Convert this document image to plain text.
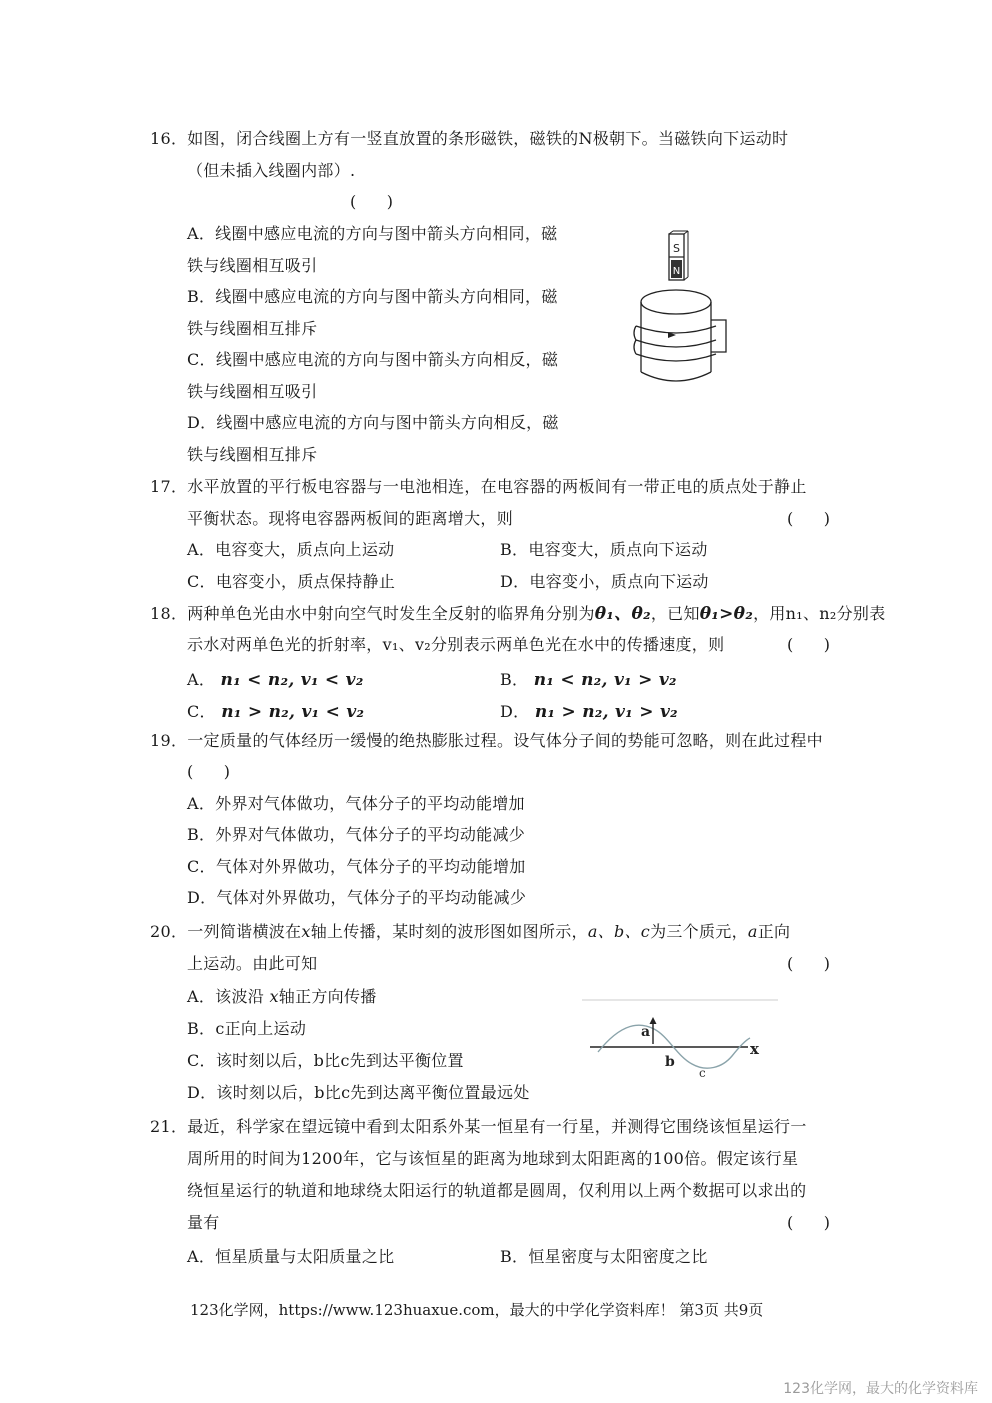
16．如图，闭合线圈上方有一竖直放置的条形磁铁，磁铁的N极朝下。当磁铁向下运动时
（但未插入线圈内部）.
(      )
A．线圈中感应电流的方向与图中箭头方向相同，磁
铁与线圈相互吸引
B．线圈中感应电流的方向与图中箭头方向相同，磁
铁与线圈相互排斥
C．线圈中感应电流的方向与图中箭头方向相反，磁
铁与线圈相互吸引
D．线圈中感应电流的方向与图中箭头方向相反，磁
铁与线圈相互排斥
S
N
17．水平放置的平行板电容器与一电池相连，在电容器的两板间有一带正电的质点处于静止
平衡状态。现将电容器两板间的距离增大，则	(      )
A．电容变大，质点向上运动	B．电容变大，质点向下运动
C．电容变小，质点保持静止	D．电容变小，质点向下运动
18．两种单色光由水中射向空气时发生全反射的临界角分别为θ₁、θ₂，已知θ₁>θ₂，用n₁、n₂分别表
示水对两单色光的折射率，v₁、v₂分别表示两单色光在水中的传播速度，则	(      )
A． n₁ < n₂, v₁ < v₂	B． n₁ < n₂, v₁ > v₂
C． n₁ > n₂, v₁ < v₂	D． n₁ > n₂, v₁ > v₂
19．一定质量的气体经历一缓慢的绝热膨胀过程。设气体分子间的势能可忽略，则在此过程中
(      )
A．外界对气体做功，气体分子的平均动能增加
B．外界对气体做功，气体分子的平均动能减少
C．气体对外界做功，气体分子的平均动能增加
D．气体对外界做功，气体分子的平均动能减少
20．一列简谐横波在x轴上传播，某时刻的波形图如图所示，a、b、c为三个质元，a正向
上运动。由此可知	(      )
A．该波沿 x轴正方向传播
B．c正向上运动
C．该时刻以后，b比c先到达平衡位置
D．该时刻以后，b比c先到达离平衡位置最远处
a
b
c
x
21．最近，科学家在望远镜中看到太阳系外某一恒星有一行星，并测得它围绕该恒星运行一
周所用的时间为1200年，它与该恒星的距离为地球到太阳距离的100倍。假定该行星
绕恒星运行的轨道和地球绕太阳运行的轨道都是圆周，仅利用以上两个数据可以求出的
量有	(      )
A．恒星质量与太阳质量之比	B．恒星密度与太阳密度之比
123化学网，https://www.123huaxue.com，最大的中学化学资料库！ 第3页 共9页
123化学网，最大的化学资料库
